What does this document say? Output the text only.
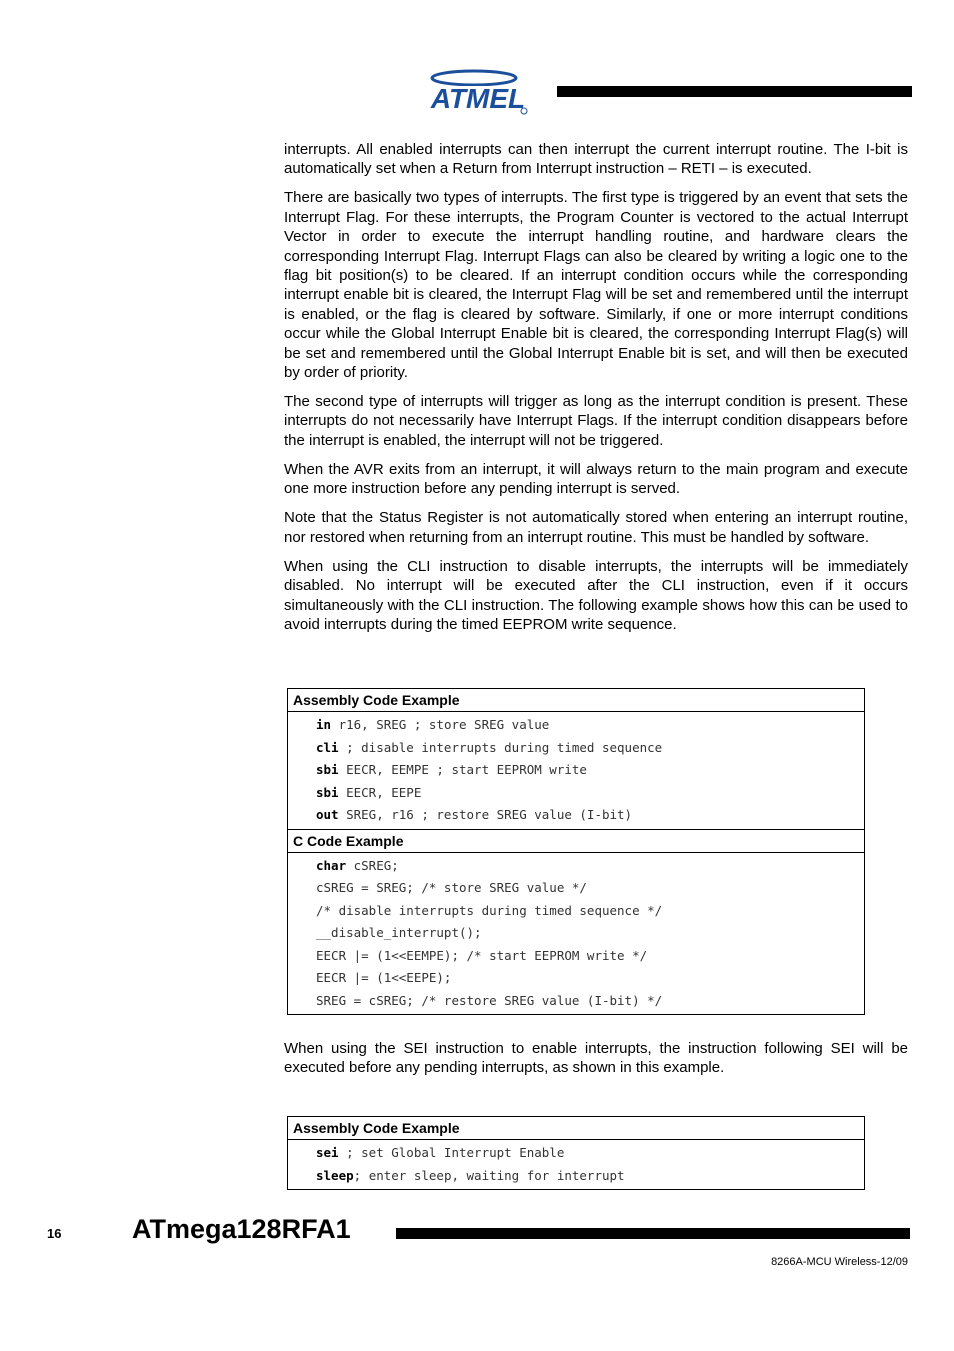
ATMEL

interrupts. All enabled interrupts can then interrupt the current interrupt routine. The I-bit is automatically set when a Return from Interrupt instruction – RETI – is executed.

There are basically two types of interrupts. The first type is triggered by an event that sets the Interrupt Flag. For these interrupts, the Program Counter is vectored to the actual Interrupt Vector in order to execute the interrupt handling routine, and hardware clears the corresponding Interrupt Flag. Interrupt Flags can also be cleared by writing a logic one to the flag bit position(s) to be cleared. If an interrupt condition occurs while the corresponding interrupt enable bit is cleared, the Interrupt Flag will be set and remembered until the interrupt is enabled, or the flag is cleared by software. Similarly, if one or more interrupt conditions occur while the Global Interrupt Enable bit is cleared, the corresponding Interrupt Flag(s) will be set and remembered until the Global Interrupt Enable bit is set, and will then be executed by order of priority.

The second type of interrupts will trigger as long as the interrupt condition is present. These interrupts do not necessarily have Interrupt Flags. If the interrupt condition disappears before the interrupt is enabled, the interrupt will not be triggered.

When the AVR exits from an interrupt, it will always return to the main program and execute one more instruction before any pending interrupt is served.

Note that the Status Register is not automatically stored when entering an interrupt routine, nor restored when returning from an interrupt routine. This must be handled by software.

When using the CLI instruction to disable interrupts, the interrupts will be immediately disabled. No interrupt will be executed after the CLI instruction, even if it occurs simultaneously with the CLI instruction. The following example shows how this can be used to avoid interrupts during the timed EEPROM write sequence.

Assembly Code Example
in r16, SREG ; store SREG value
cli ; disable interrupts during timed sequence
sbi EECR, EEMPE ; start EEPROM write
sbi EECR, EEPE
out SREG, r16 ; restore SREG value (I-bit)
C Code Example
char cSREG;
cSREG = SREG; /* store SREG value */
/* disable interrupts during timed sequence */
__disable_interrupt();
EECR |= (1<<EEMPE); /* start EEPROM write */
EECR |= (1<<EEPE);
SREG = cSREG; /* restore SREG value (I-bit) */

When using the SEI instruction to enable interrupts, the instruction following SEI will be executed before any pending interrupts, as shown in this example.

Assembly Code Example
sei ; set Global Interrupt Enable
sleep; enter sleep, waiting for interrupt
16	ATmega128RFA1
8266A-MCU Wireless-12/09
